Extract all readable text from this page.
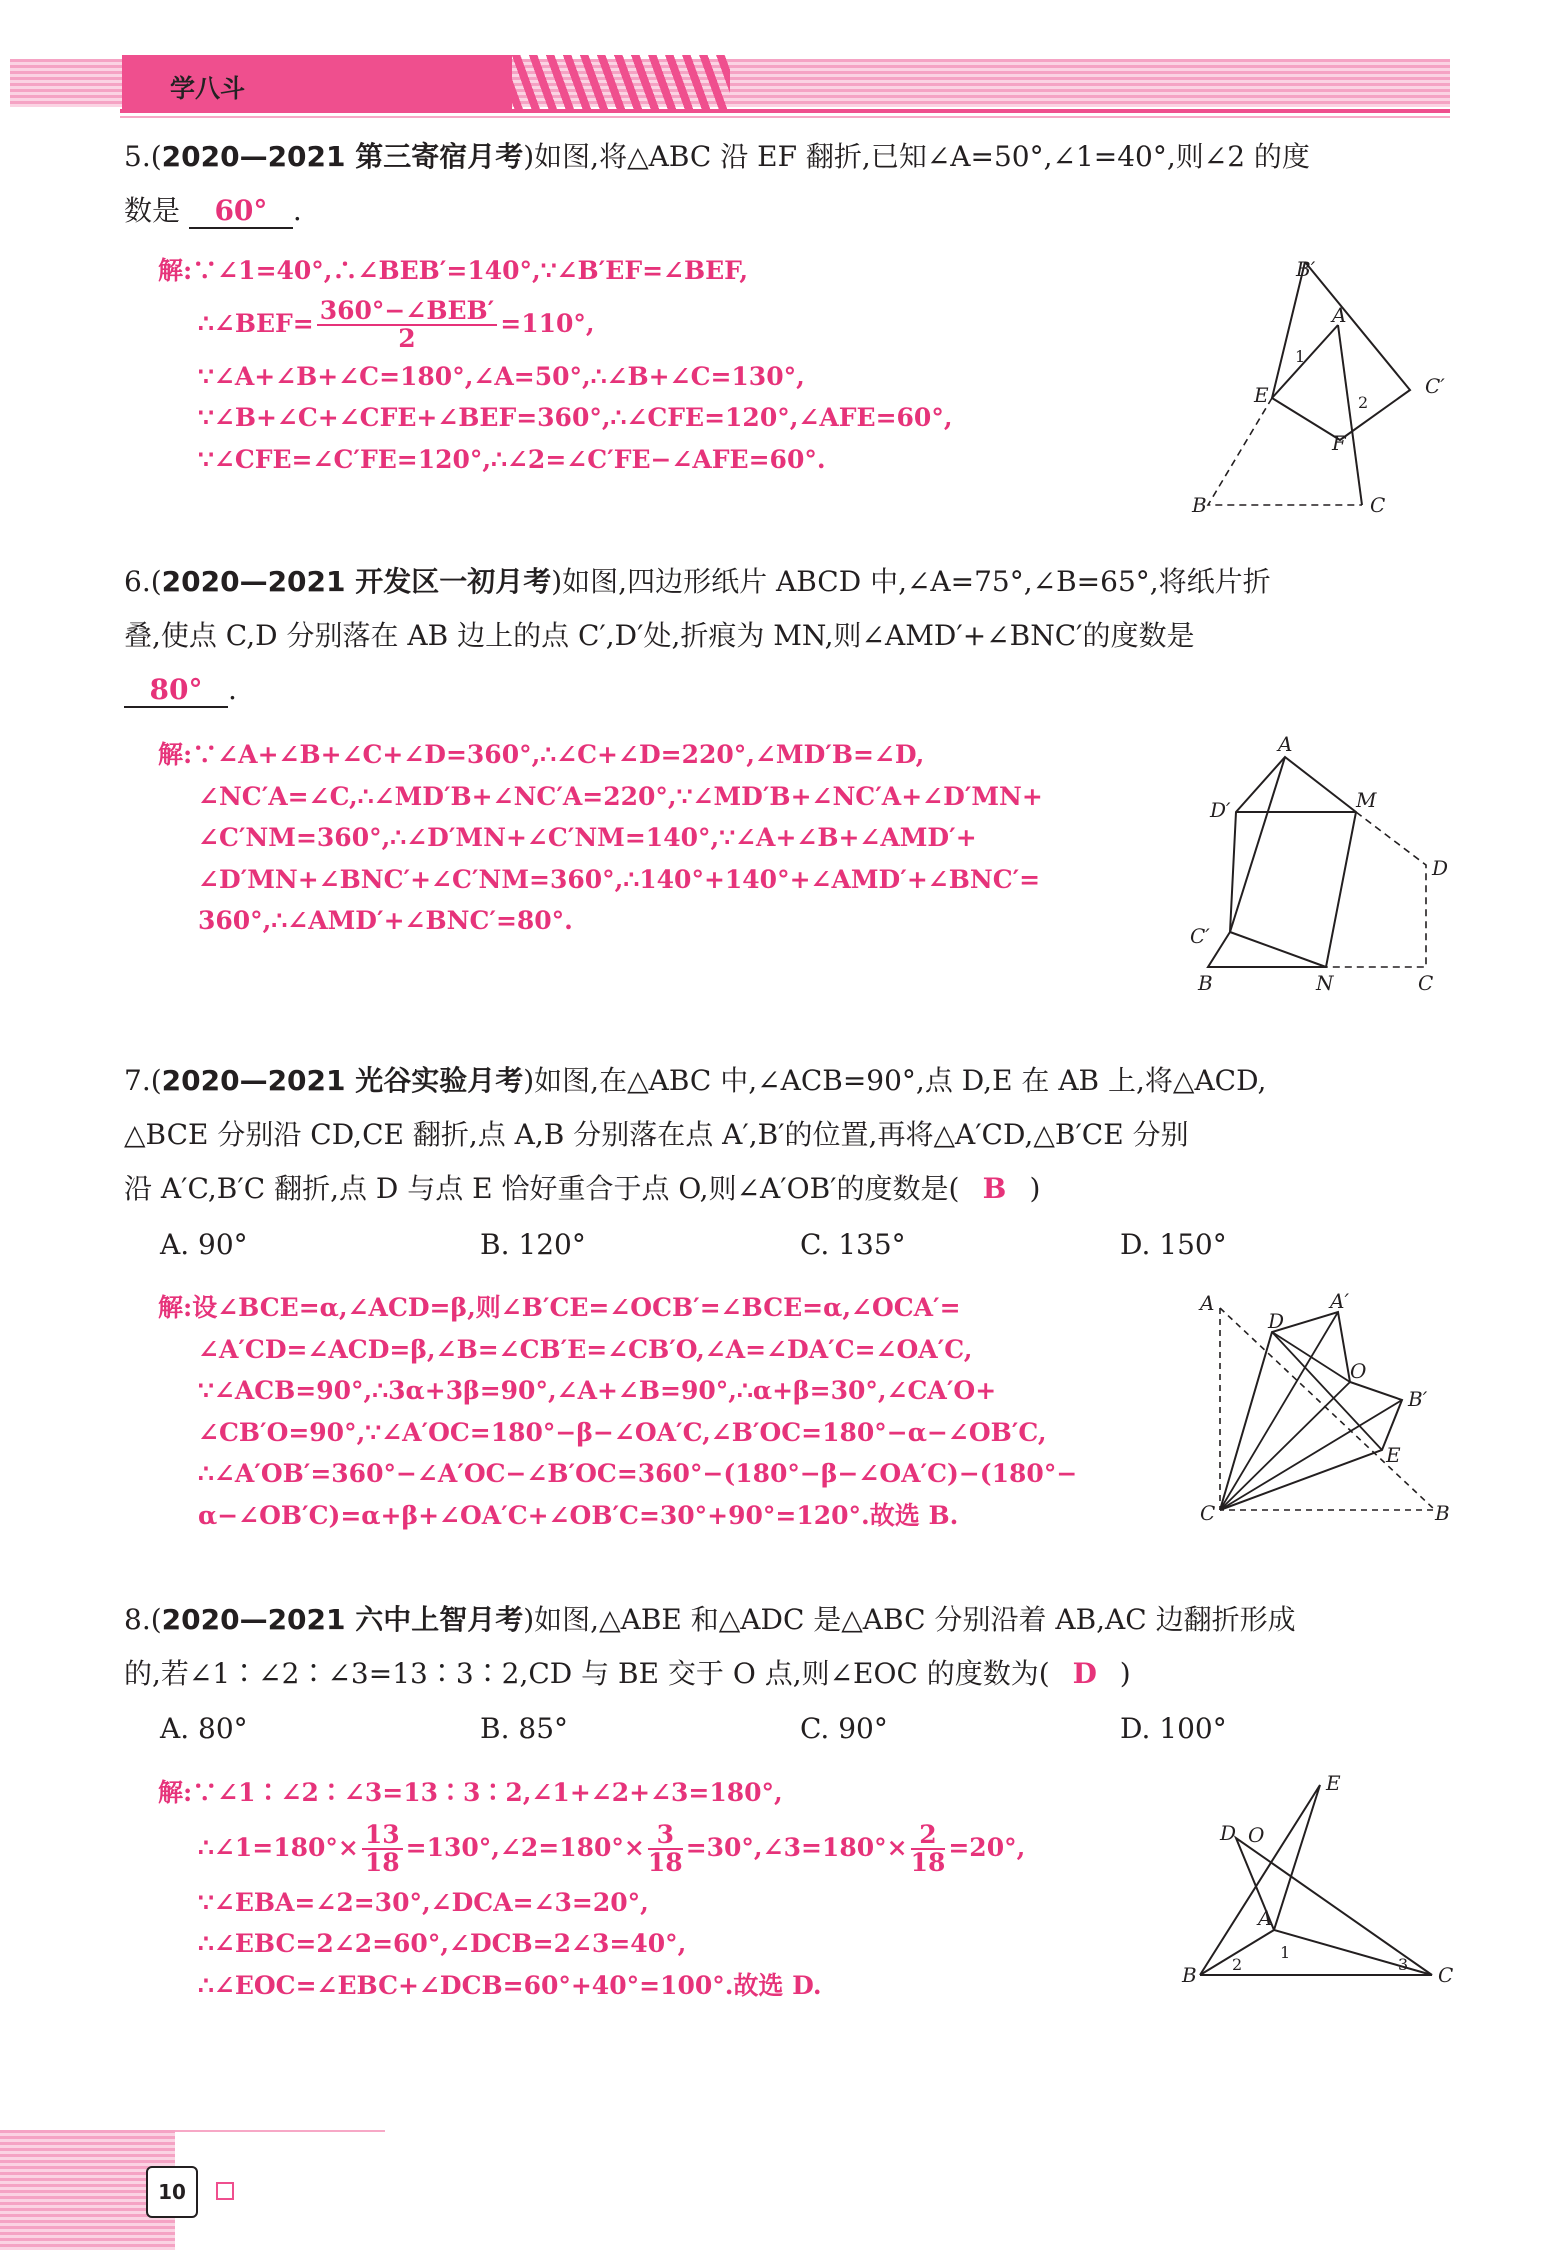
学八斗
5.(2020—2021 第三寄宿月考)如图,将△ABC 沿 EF 翻折,已知∠A=50°,∠1=40°,则∠2 的度
数是 60° .
解:∵∠1=40°,∴∠BEB′=140°,∵∠B′EF=∠BEF,
∴∠BEF= $\frac{\text{360°−∠BEB′}}{2} =110^\circ$,
∵∠A+∠B+∠C=180°,∠A=50°,∴∠B+∠C=130°,
∵∠B+∠C+∠CFE+∠BEF=360°,∴∠CFE=120°,∠AFE=60°,
∵∠CFE=∠C′FE=120°,∴∠2=∠C′FE−∠AFE=60°.
B′
A
1
E	2
C′
F
B	C
6.(2020—2021 开发区一初月考)如图,四边形纸片 ABCD 中,∠A=75°,∠B=65°,将纸片折
叠,使点 C,D 分别落在 AB 边上的点 C′,D′处,折痕为 MN,则∠AMD′+∠BNC′的度数是
80° .
解:∵∠A+∠B+∠C+∠D=360°,∴∠C+∠D=220°,∠MD′B=∠D,
∠NC′A=∠C,∴∠MD′B+∠NC′A=220°,∵∠MD′B+∠NC′A+∠D′MN+
∠C′NM=360°,∴∠D′MN+∠C′NM=140°,∵∠A+∠B+∠AMD′+
∠D′MN+∠BNC′+∠C′NM=360°,∴140°+140°+∠AMD′+∠BNC′=
360°,∴∠AMD′+∠BNC′=80°.
A
D′	M
D
C′
B	N	C
7.(2020—2021 光谷实验月考)如图,在△ABC 中,∠ACB=90°,点 D,E 在 AB 上,将△ACD,
△BCE 分别沿 CD,CE 翻折,点 A,B 分别落在点 A′,B′的位置,再将△A′CD,△B′CE 分别
沿 A′C,B′C 翻折,点 D 与点 E 恰好重合于点 O,则∠A′OB′的度数是( B )
A. 90°	B. 120°	C. 135°	D. 150°
解:设∠BCE=α,∠ACD=β,则∠B′CE=∠OCB′=∠BCE=α,∠OCA′=
∠A′CD=∠ACD=β,∠B=∠CB′E=∠CB′O,∠A=∠DA′C=∠OA′C,
∵∠ACB=90°,∴3α+3β=90°,∠A+∠B=90°,∴α+β=30°,∠CA′O+
∠CB′O=90°,∵∠A′OC=180°−β−∠OA′C,∠B′OC=180°−α−∠OB′C,
∴∠A′OB′=360°−∠A′OC−∠B′OC=360°−(180°−β−∠OA′C)−(180°−
α−∠OB′C)=α+β+∠OA′C+∠OB′C=30°+90°=120°.故选 B.
A
D
A′
O
B′
E
C	B
8.(2020—2021 六中上智月考)如图,△ABE 和△ADC 是△ABC 分别沿着 AB,AC 边翻折形成
的,若∠1∶∠2∶∠3=13∶3∶2,CD 与 BE 交于 O 点,则∠EOC 的度数为( D )
A. 80°	B. 85°	C. 90°	D. 100°
解:∵∠1∶∠2∶∠3=13∶3∶2,∠1+∠2+∠3=180°,
∴∠1=180°× $\frac{13}{18}$ =130°,∠2=180°× $\frac{3}{18}$ =30°,∠3=180°× $\frac{2}{18} =20^\circ$,
∵∠EBA=∠2=30°,∠DCA=∠3=20°,
∴∠EBC=2∠2=60°,∠DCB=2∠3=40°,
∴∠EOC=∠EBC+∠DCB=60°+40°=100°.故选 D.
E
D O
A
1
B 2	3 C
10
